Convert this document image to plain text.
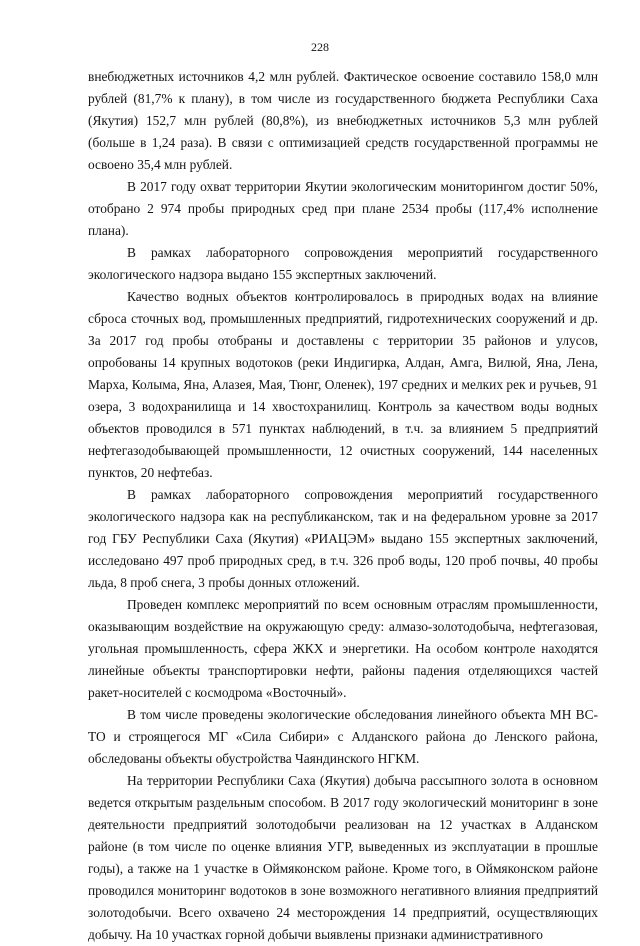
228

внебюджетных источников 4,2 млн рублей. Фактическое освоение составило 158,0 млн рублей (81,7% к плану), в том числе из государственного бюджета Республики Саха (Якутия) 152,7 млн рублей (80,8%), из внебюджетных источников 5,3 млн рублей (больше в 1,24 раза). В связи с оптимизацией средств государственной программы не освоено 35,4 млн рублей.

В 2017 году охват территории Якутии экологическим мониторингом достиг 50%, отобрано 2 974 пробы природных сред при плане 2534 пробы (117,4% исполнение плана).

В рамках лабораторного сопровождения мероприятий государственного экологического надзора выдано 155 экспертных заключений.

Качество водных объектов контролировалось в природных водах на влияние сброса сточных вод, промышленных предприятий, гидротехнических сооружений и др. За 2017 год пробы отобраны и доставлены с территории 35 районов и улусов, опробованы 14 крупных водотоков (реки Индигирка, Алдан, Амга, Вилюй, Яна, Лена, Марха, Колыма, Яна, Алазея, Мая, Тюнг, Оленек), 197 средних и мелких рек и ручьев, 91 озера, 3 водохранилища и 14 хвостохранилищ. Контроль за качеством воды водных объектов проводился в 571 пунктах наблюдений, в т.ч. за влиянием 5 предприятий нефтегазодобывающей промышленности, 12 очистных сооружений, 144 населенных пунктов, 20 нефтебаз.

В рамках лабораторного сопровождения мероприятий государственного экологического надзора как на республиканском, так и на федеральном уровне за 2017 год ГБУ Республики Саха (Якутия) «РИАЦЭМ» выдано 155 экспертных заключений, исследовано 497 проб природных сред, в т.ч. 326 проб воды, 120 проб почвы, 40 пробы льда, 8 проб снега, 3 пробы донных отложений.

Проведен комплекс мероприятий по всем основным отраслям промышленности, оказывающим воздействие на окружающую среду: алмазо-золотодобыча, нефтегазовая, угольная промышленность, сфера ЖКХ и энергетики. На особом контроле находятся линейные объекты транспортировки нефти, районы падения отделяющихся частей ракет-носителей с космодрома «Восточный».

В том числе проведены экологические обследования линейного объекта МН ВС-ТО и строящегося МГ «Сила Сибири» с Алданского района до Ленского района, обследованы объекты обустройства Чаяндинского НГКМ.

На территории Республики Саха (Якутия) добыча рассыпного золота в основном ведется открытым раздельным способом. В 2017 году экологический мониторинг в зоне деятельности предприятий золотодобычи реализован на 12 участках в Алданском районе (в том числе по оценке влияния УГР, выведенных из эксплуатации в прошлые годы), а также на 1 участке в Оймяконском районе. Кроме того, в Оймяконском районе проводился мониторинг водотоков в зоне возможного негативного влияния предприятий золотодобычи. Всего охвачено 24 месторождения 14 предприятий, осуществляющих добычу. На 10 участках горной добычи выявлены признаки административного
